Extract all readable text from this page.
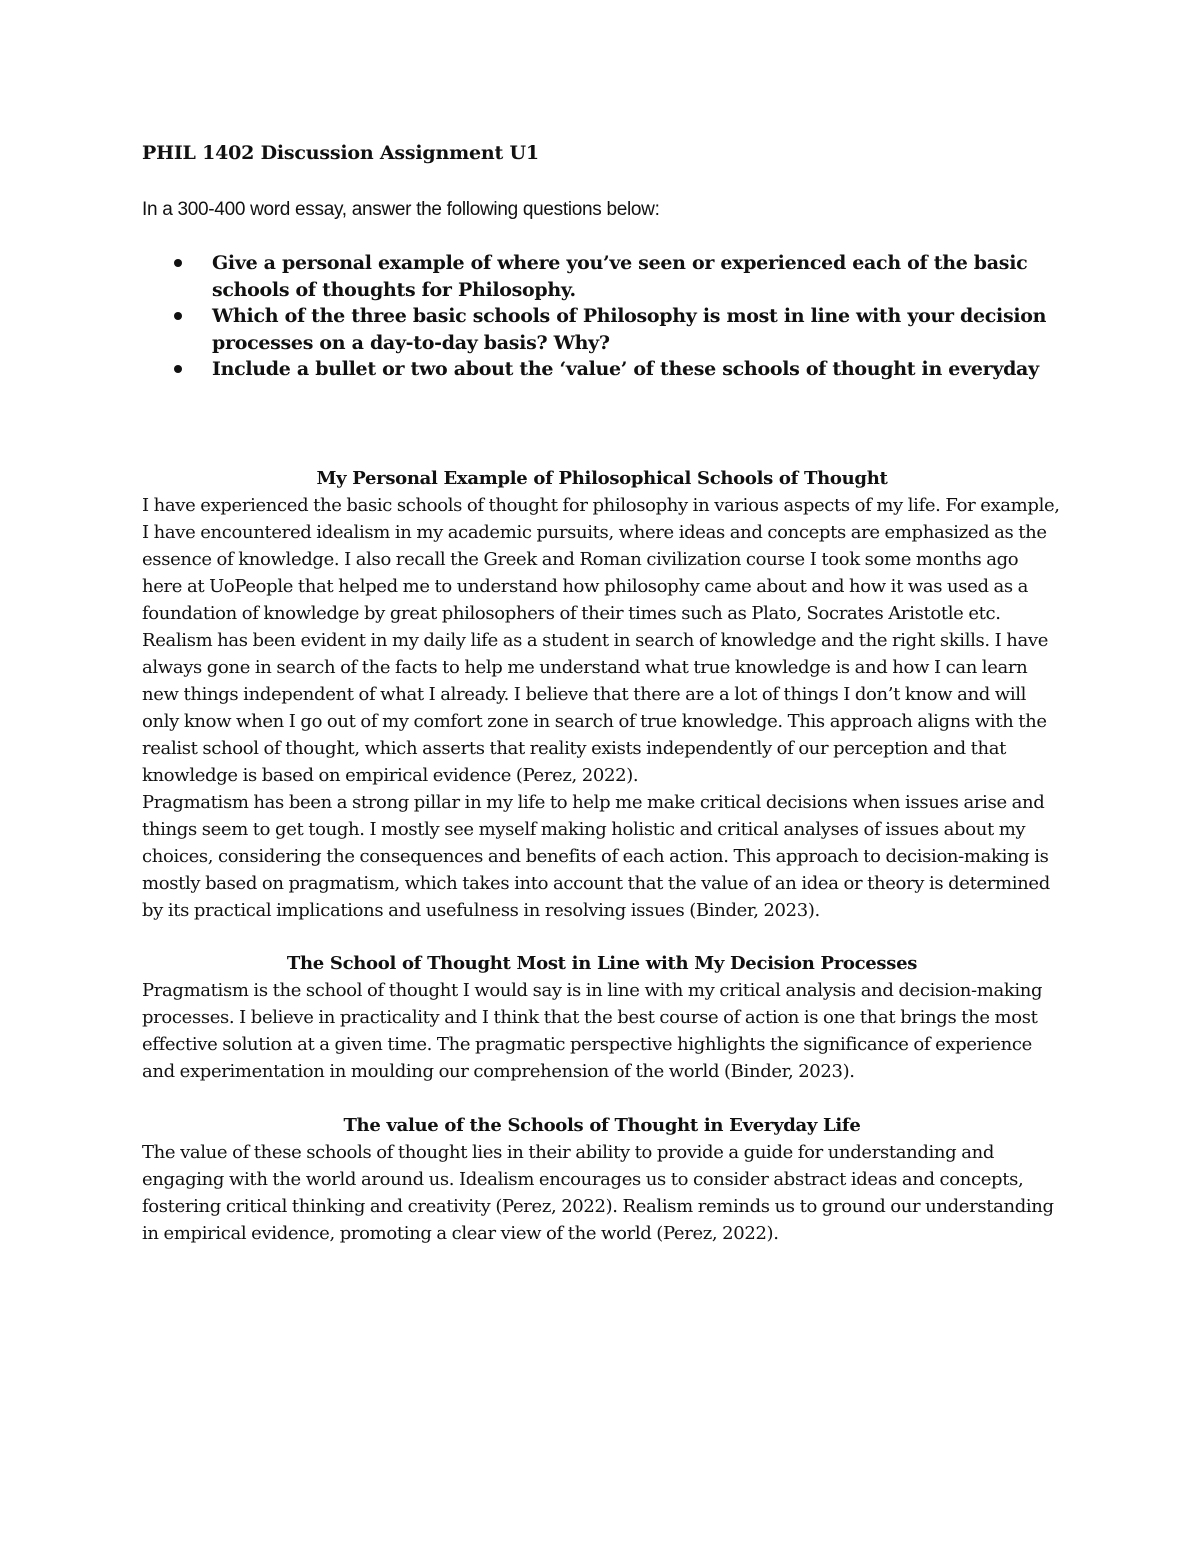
PHIL 1402 Discussion Assignment U1

In a 300-400 word essay, answer the following questions below:

Give a personal example of where you’ve seen or experienced each of the basic schools of thoughts for Philosophy.
Which of the three basic schools of Philosophy is most in line with your decision processes on a day-to-day basis? Why?
Include a bullet or two about the ‘value’ of these schools of thought in everyday

My Personal Example of Philosophical Schools of Thought

I have experienced the basic schools of thought for philosophy in various aspects of my life. For example, I have encountered idealism in my academic pursuits, where ideas and concepts are emphasized as the essence of knowledge. I also recall the Greek and Roman civilization course I took some months ago here at UoPeople that helped me to understand how philosophy came about and how it was used as a foundation of knowledge by great philosophers of their times such as Plato, Socrates Aristotle etc.

Realism has been evident in my daily life as a student in search of knowledge and the right skills. I have always gone in search of the facts to help me understand what true knowledge is and how I can learn new things independent of what I already. I believe that there are a lot of things I don’t know and will only know when I go out of my comfort zone in search of true knowledge. This approach aligns with the realist school of thought, which asserts that reality exists independently of our perception and that knowledge is based on empirical evidence (Perez, 2022).

Pragmatism has been a strong pillar in my life to help me make critical decisions when issues arise and things seem to get tough. I mostly see myself making holistic and critical analyses of issues about my choices, considering the consequences and benefits of each action. This approach to decision-making is mostly based on pragmatism, which takes into account that the value of an idea or theory is determined by its practical implications and usefulness in resolving issues (Binder, 2023).

The School of Thought Most in Line with My Decision Processes

Pragmatism is the school of thought I would say is in line with my critical analysis and decision-making processes. I believe in practicality and I think that the best course of action is one that brings the most effective solution at a given time. The pragmatic perspective highlights the significance of experience and experimentation in moulding our comprehension of the world (Binder, 2023).

The value of the Schools of Thought in Everyday Life

The value of these schools of thought lies in their ability to provide a guide for understanding and engaging with the world around us. Idealism encourages us to consider abstract ideas and concepts, fostering critical thinking and creativity (Perez, 2022). Realism reminds us to ground our understanding in empirical evidence, promoting a clear view of the world (Perez, 2022).
